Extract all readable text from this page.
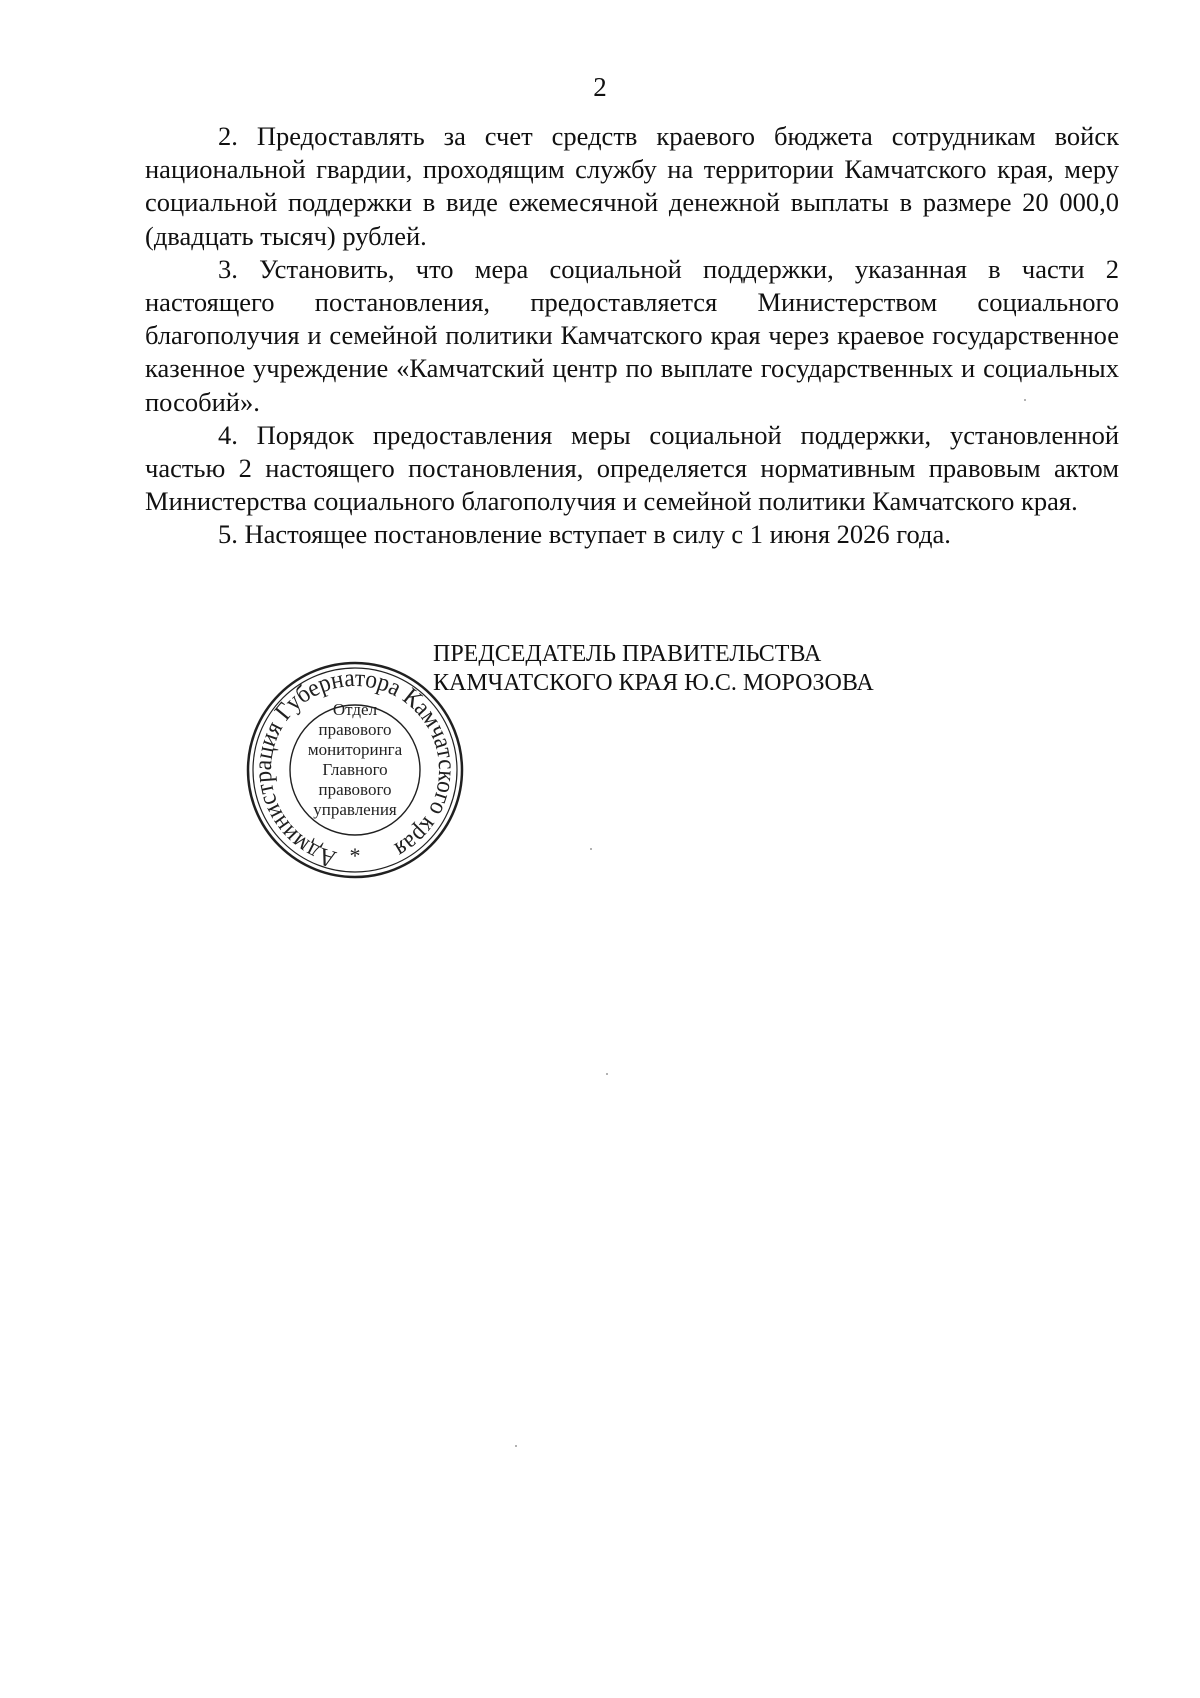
2

2. Предоставлять за счет средств краевого бюджета сотрудникам войск национальной гвардии, проходящим службу на территории Камчатского края, меру социальной поддержки в виде ежемесячной денежной выплаты в размере 20 000,0 (двадцать тысяч) рублей.

3. Установить, что мера социальной поддержки, указанная в части 2 настоящего постановления, предоставляется Министерством социального благополучия и семейной политики Камчатского края через краевое государственное казенное учреждение «Камчатский центр по выплате государственных и социальных пособий».

4. Порядок предоставления меры социальной поддержки, установленной частью 2 настоящего постановления, определяется нормативным правовым актом Министерства социального благополучия и семейной политики Камчатского края.

5. Настоящее постановление вступает в силу с 1 июня 2026 года.

Администрация Губернатора Камчатского края
Отдел
правового
мониторинга
Главного
правового
управления
*
ПРЕДСЕДАТЕЛЬ ПРАВИТЕЛЬСТВА
КАМЧАТСКОГО КРАЯ Ю.С. МОРОЗОВА
